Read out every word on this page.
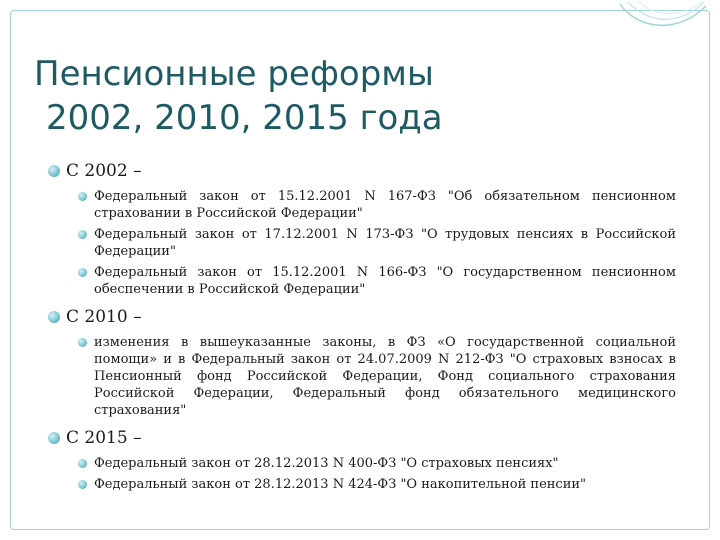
Пенсионные реформы
2002, 2010, 2015 года
С 2002 –
Федеральный закон от 15.12.2001 N 167-ФЗ "Об обязательном пенсионном страховании в Российской Федерации"
Федеральный закон от 17.12.2001 N 173-ФЗ "О трудовых пенсиях в Российской Федерации"
Федеральный закон от 15.12.2001 N 166-ФЗ "О государственном пенсионном обеспечении в Российской Федерации"
С 2010 –
изменения в вышеуказанные законы, в ФЗ «О государственной социальной помощи» и в Федеральный закон от 24.07.2009 N 212-ФЗ "О страховых взносах в Пенсионный фонд Российской Федерации, Фонд социального страхования Российской Федерации, Федеральный фонд обязательного медицинского страхования"
С 2015 –
Федеральный закон от 28.12.2013 N 400-ФЗ "О страховых пенсиях"
Федеральный закон от 28.12.2013 N 424-ФЗ "О накопительной пенсии"
